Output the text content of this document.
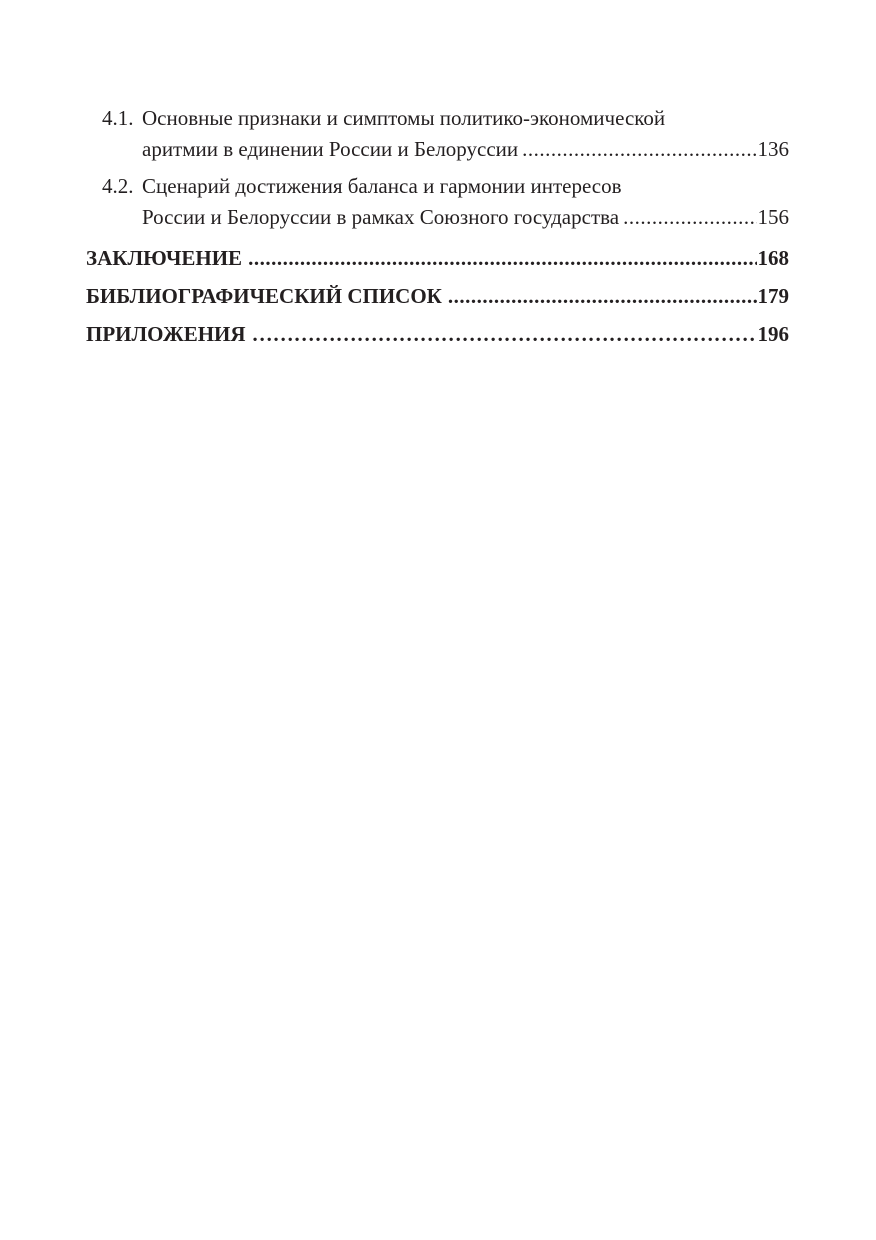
4.1. Основные признаки и симптомы политико-экономической
аритмии в единении России и Белоруссии .....	136
4.2. Сценарий достижения баланса и гармонии интересов
России и Белоруссии в рамках Союзного государства .....	156
ЗАКЛЮЧЕНИЕ .....	168
БИБЛИОГРАФИЧЕСКИЙ СПИСОК .....	179
ПРИЛОЖЕНИЯ ……………………………………………………………………………………………………………………………………	196
